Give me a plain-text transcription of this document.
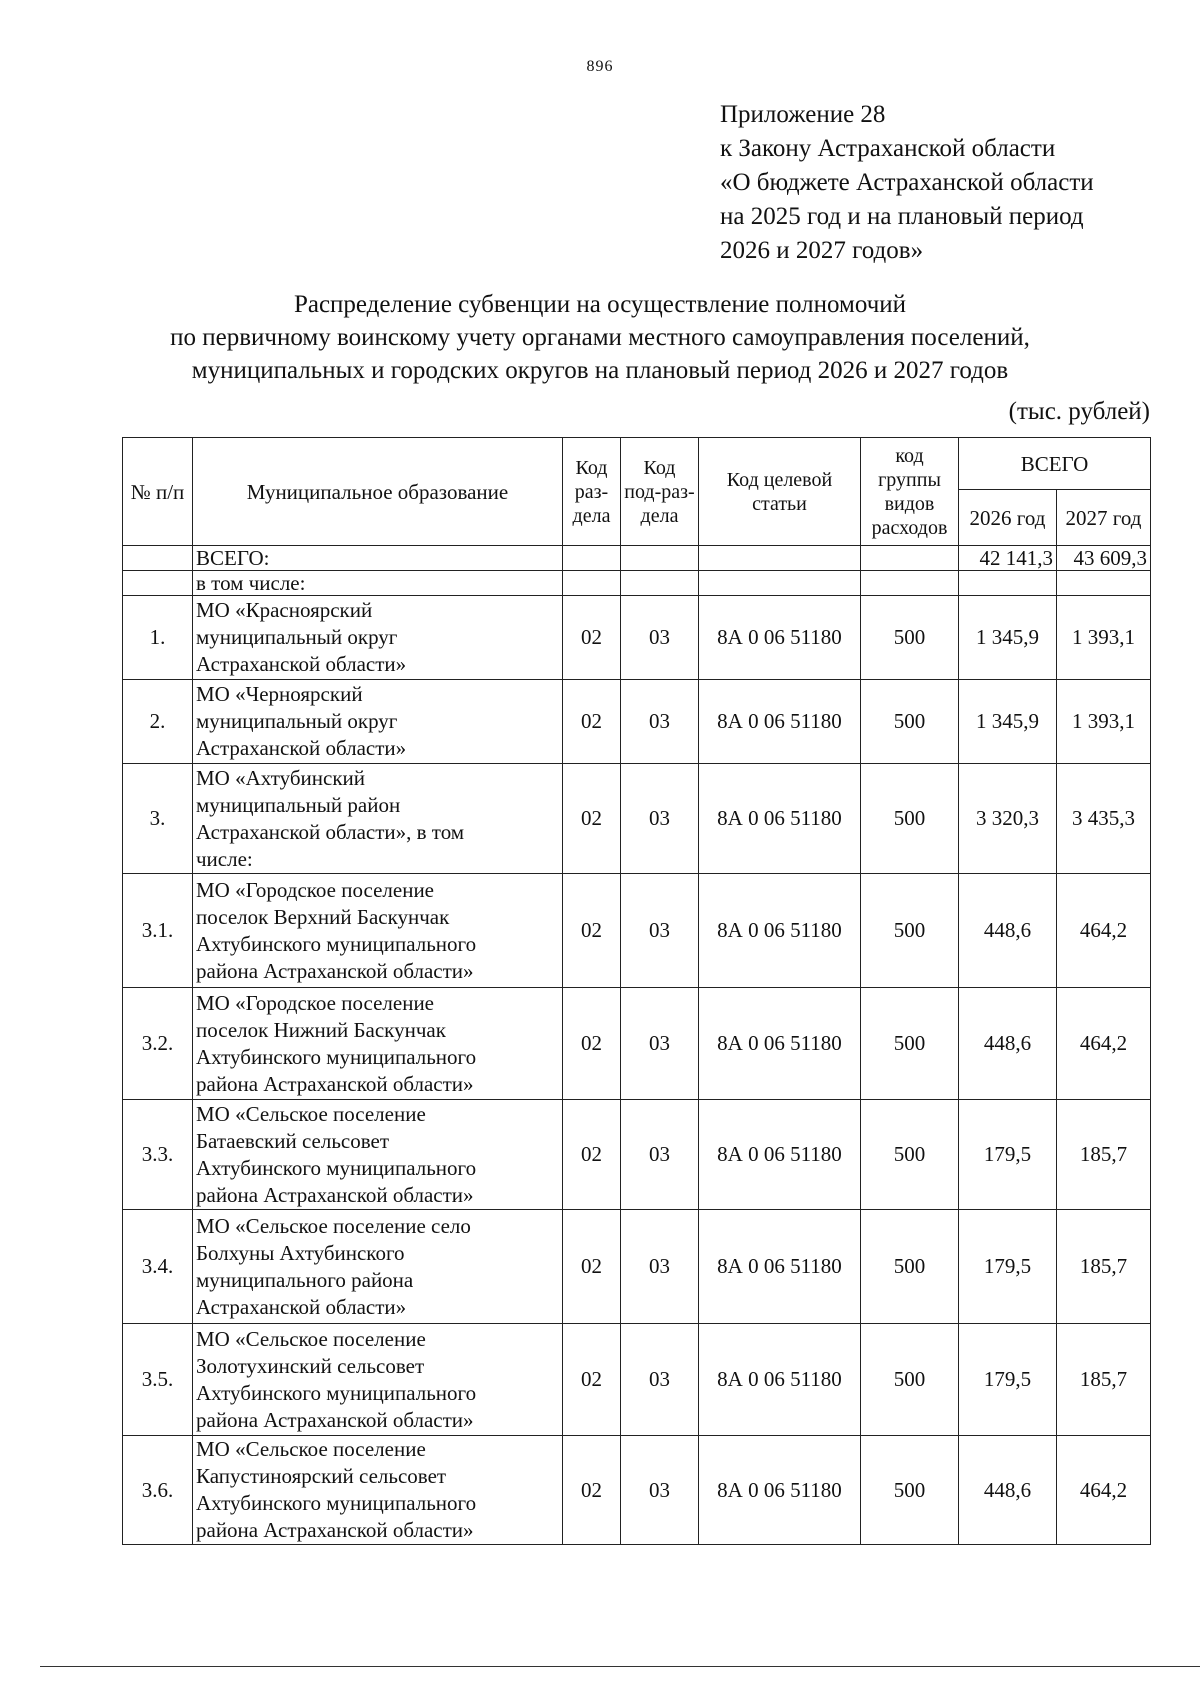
896
Приложение 28
к Закону Астраханской области
«О бюджете Астраханской области
на 2025 год и на плановый период
2026 и 2027 годов»
Распределение субвенции на осуществление полномочий
по первичному воинскому учету органами местного самоуправления поселений,
муниципальных и городских округов на плановый период 2026 и 2027 годов
(тыс. рублей)
№ п/п	Муниципальное образование	Код раз-дела	Код под-раз-дела	Код целевой статьи	код группы видов расходов	ВСЕГО	
						2026 год	2027 год
	ВСЕГО:					42 141,3	43 609,3
	в том числе:						
1.	МО «Красноярский
муниципальный округ
Астраханской области»	02	03	8А 0 06 51180	500	1 345,9	1 393,1
2.	МО «Черноярский
муниципальный округ
Астраханской области»	02	03	8А 0 06 51180	500	1 345,9	1 393,1
3.	МО «Ахтубинский
муниципальный район
Астраханской области», в том
числе:	02	03	8А 0 06 51180	500	3 320,3	3 435,3
3.1.	МО «Городское поселение
поселок Верхний Баскунчак
Ахтубинского муниципального
района Астраханской области»	02	03	8А 0 06 51180	500	448,6	464,2
3.2.	МО «Городское поселение
поселок Нижний Баскунчак
Ахтубинского муниципального
района Астраханской области»	02	03	8А 0 06 51180	500	448,6	464,2
3.3.	МО «Сельское поселение
Батаевский сельсовет
Ахтубинского муниципального
района Астраханской области»	02	03	8А 0 06 51180	500	179,5	185,7
3.4.	МО «Сельское поселение село
Болхуны Ахтубинского
муниципального района
Астраханской области»	02	03	8А 0 06 51180	500	179,5	185,7
3.5.	МО «Сельское поселение
Золотухинский сельсовет
Ахтубинского муниципального
района Астраханской области»	02	03	8А 0 06 51180	500	179,5	185,7
3.6.	МО «Сельское поселение
Капустиноярский сельсовет
Ахтубинского муниципального
района Астраханской области»	02	03	8А 0 06 51180	500	448,6	464,2
